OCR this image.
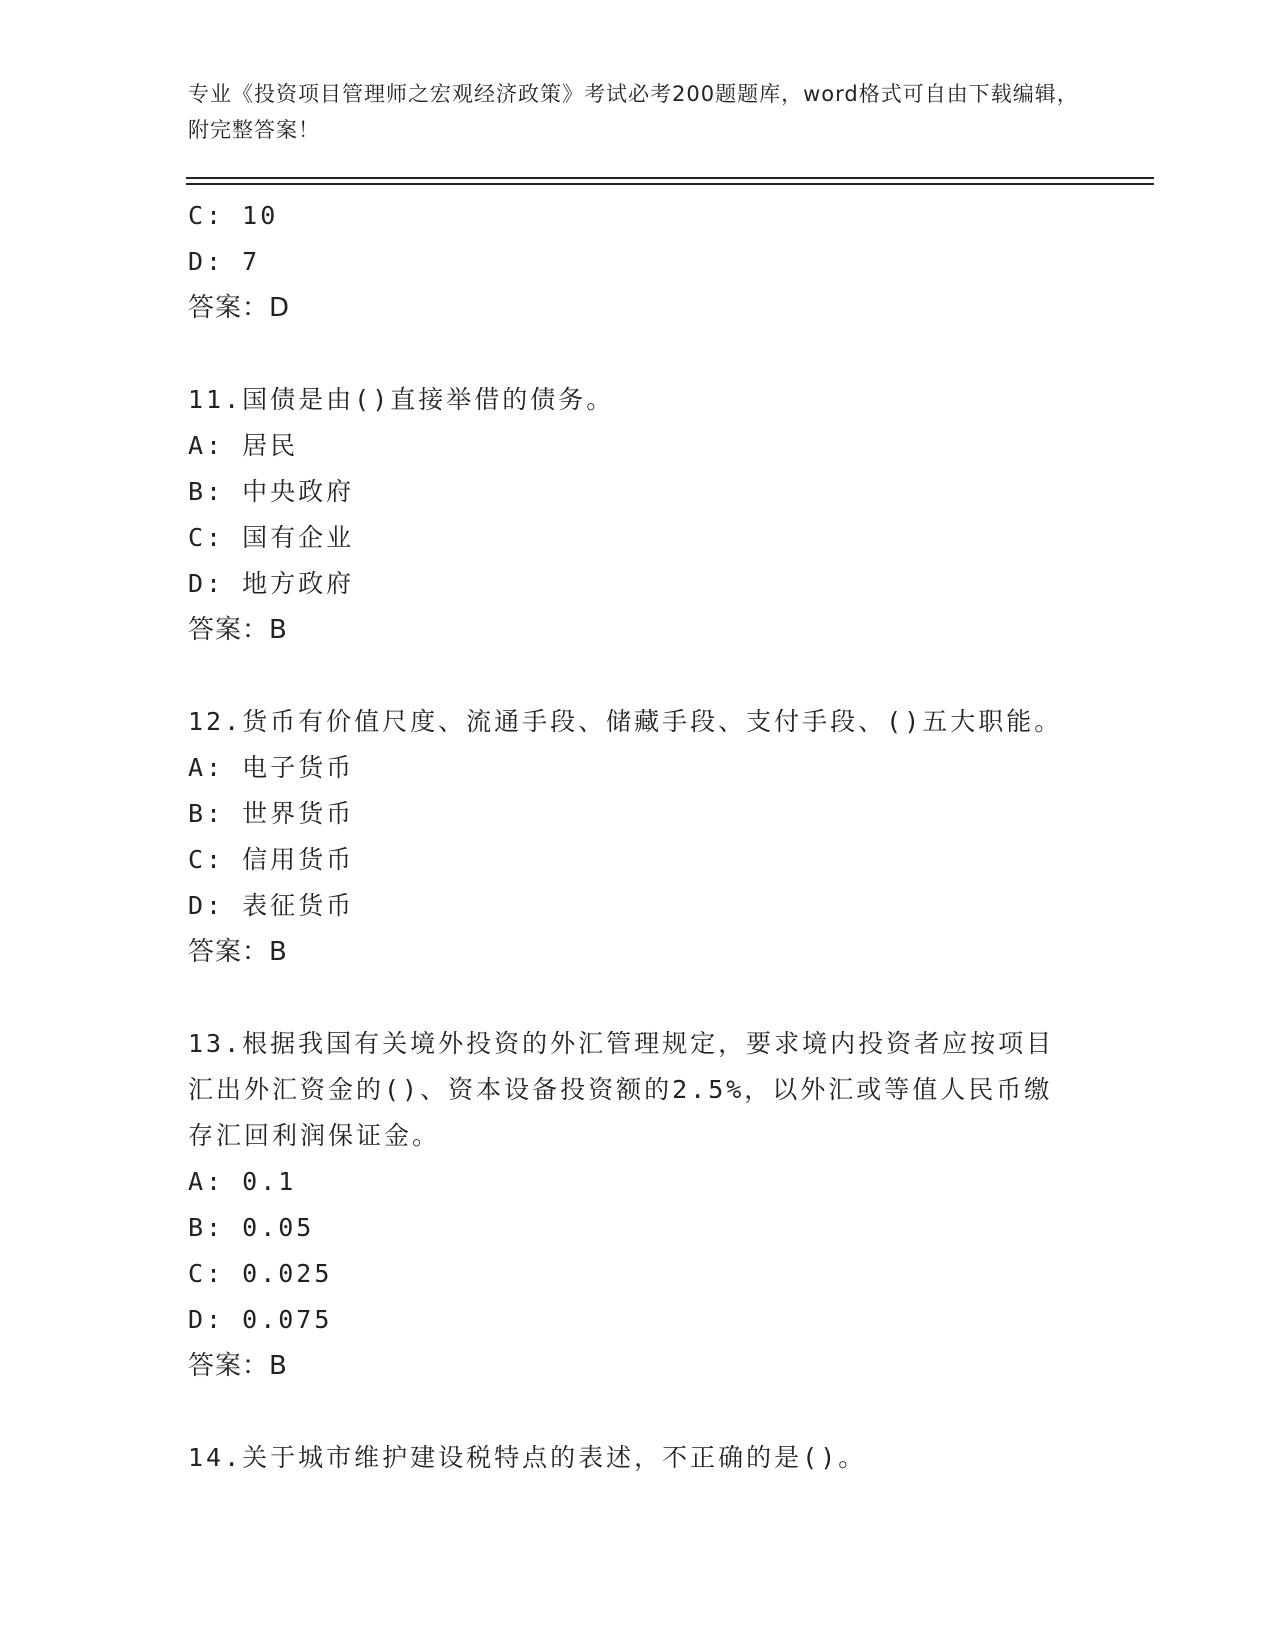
专业《投资项目管理师之宏观经济政策》考试必考200题题库，word格式可自由下载编辑，附完整答案！
C: 10
D: 7
答案：D
11.国债是由()直接举借的债务。
A: 居民
B: 中央政府
C: 国有企业
D: 地方政府
答案：B
12.货币有价值尺度、流通手段、储藏手段、支付手段、()五大职能。
A: 电子货币
B: 世界货币
C: 信用货币
D: 表征货币
答案：B
13.根据我国有关境外投资的外汇管理规定，要求境内投资者应按项目汇出外汇资金的()、资本设备投资额的2.5%，以外汇或等值人民币缴存汇回利润保证金。
A: 0.1
B: 0.05
C: 0.025
D: 0.075
答案：B
14.关于城市维护建设税特点的表述，不正确的是()。
